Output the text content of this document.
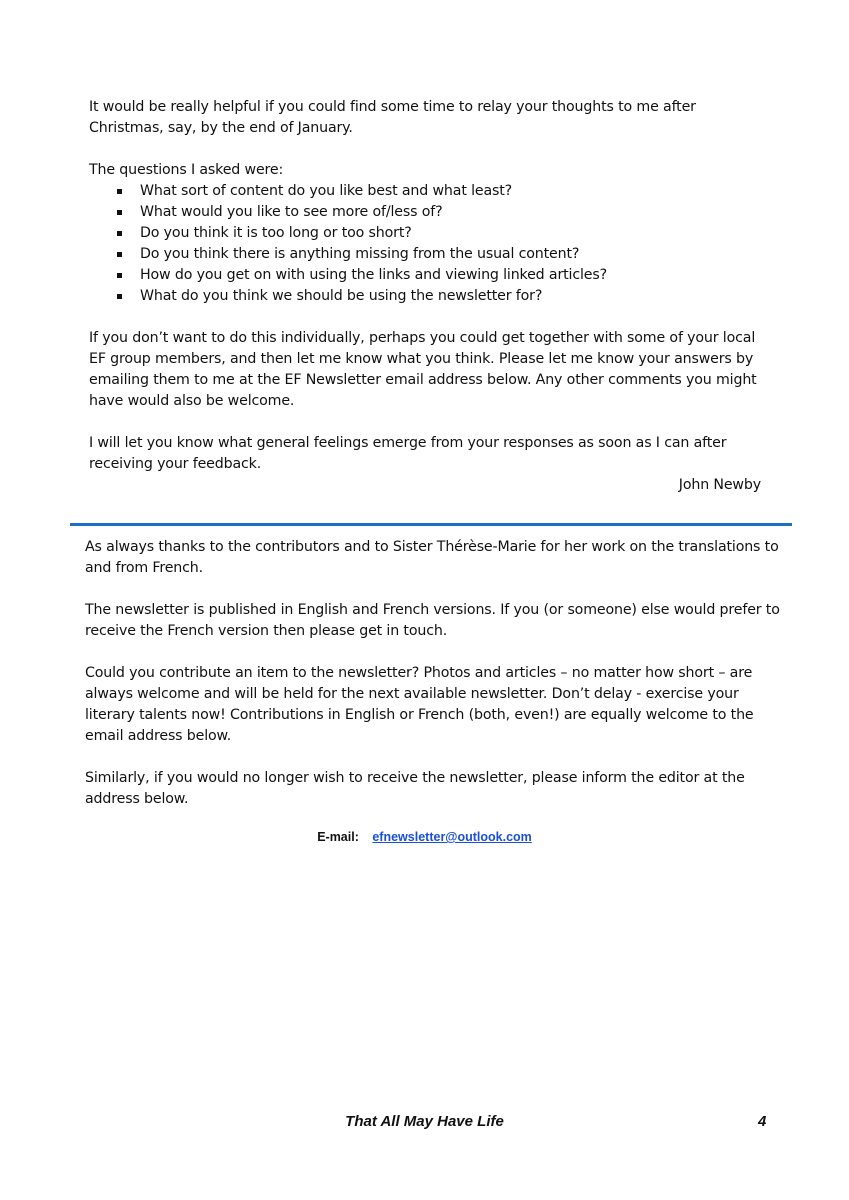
It would be really helpful if you could find some time to relay your thoughts to me after

Christmas, say, by the end of January.

The questions I asked were:

What sort of content do you like best and what least?
What would you like to see more of/less of?
Do you think it is too long or too short?
Do you think there is anything missing from the usual content?
How do you get on with using the links and viewing linked articles?
What do you think we should be using the newsletter for?

If you don’t want to do this individually, perhaps you could get together with some of your local

EF group members, and then let me know what you think. Please let me know your answers by

emailing them to me at the EF Newsletter email address below. Any other comments you might

have would also be welcome.

I will let you know what general feelings emerge from your responses as soon as I can after

receiving your feedback.

John Newby

As always thanks to the contributors and to Sister Thérèse-Marie for her work on the translations to

and from French.

The newsletter is published in English and French versions. If you (or someone) else would prefer to

receive the French version then please get in touch.

Could you contribute an item to the newsletter? Photos and articles – no matter how short – are

always welcome and will be held for the next available newsletter. Don’t delay - exercise your

literary talents now! Contributions in English or French (both, even!) are equally welcome to the

email address below.

Similarly, if you would no longer wish to receive the newsletter, please inform the editor at the

address below.

E-mail: efnewsletter@outlook.com
That All May Have Life	4
